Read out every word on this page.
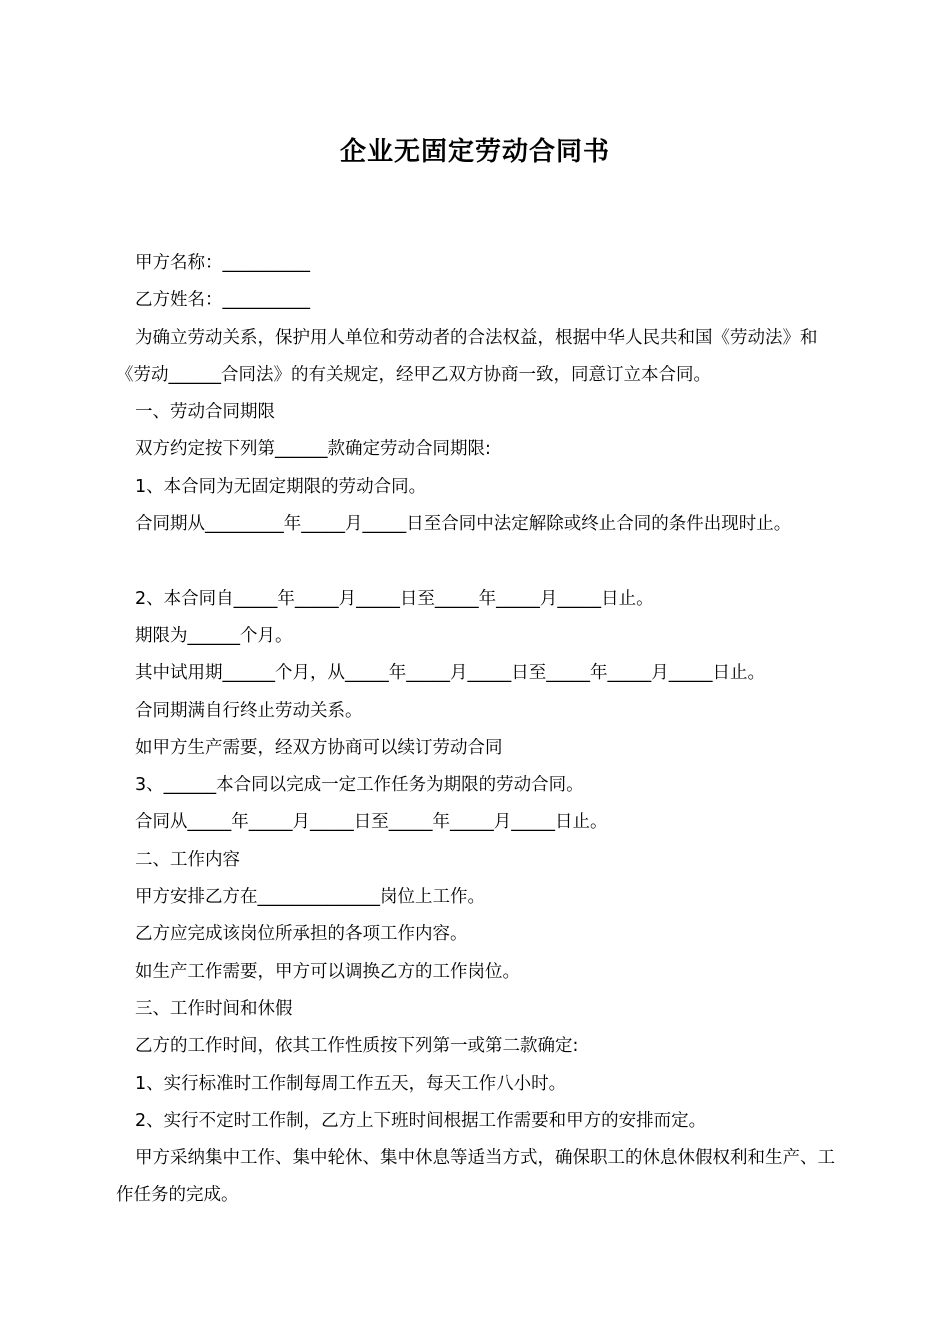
企业无固定劳动合同书

甲方名称：__________

乙方姓名：__________

为确立劳动关系，保护用人单位和劳动者的合法权益，根据中华人民共和国《劳动法》和《劳动______合同法》的有关规定，经甲乙双方协商一致，同意订立本合同。

一、劳动合同期限

双方约定按下列第______款确定劳动合同期限:

1、本合同为无固定期限的劳动合同。

合同期从_________年_____月_____日至合同中法定解除或终止合同的条件出现时止。

2、本合同自_____年_____月_____日至_____年_____月_____日止。

期限为______个月。

其中试用期______个月，从_____年_____月_____日至_____年_____月_____日止。

合同期满自行终止劳动关系。

如甲方生产需要，经双方协商可以续订劳动合同

3、______本合同以完成一定工作任务为期限的劳动合同。

合同从_____年_____月_____日至_____年_____月_____日止。

二、工作内容

甲方安排乙方在______________岗位上工作。

乙方应完成该岗位所承担的各项工作内容。

如生产工作需要，甲方可以调换乙方的工作岗位。

三、工作时间和休假

乙方的工作时间，依其工作性质按下列第一或第二款确定:

1、实行标准时工作制每周工作五天，每天工作八小时。

2、实行不定时工作制，乙方上下班时间根据工作需要和甲方的安排而定。

甲方采纳集中工作、集中轮休、集中休息等适当方式，确保职工的休息休假权利和生产、工作任务的完成。
